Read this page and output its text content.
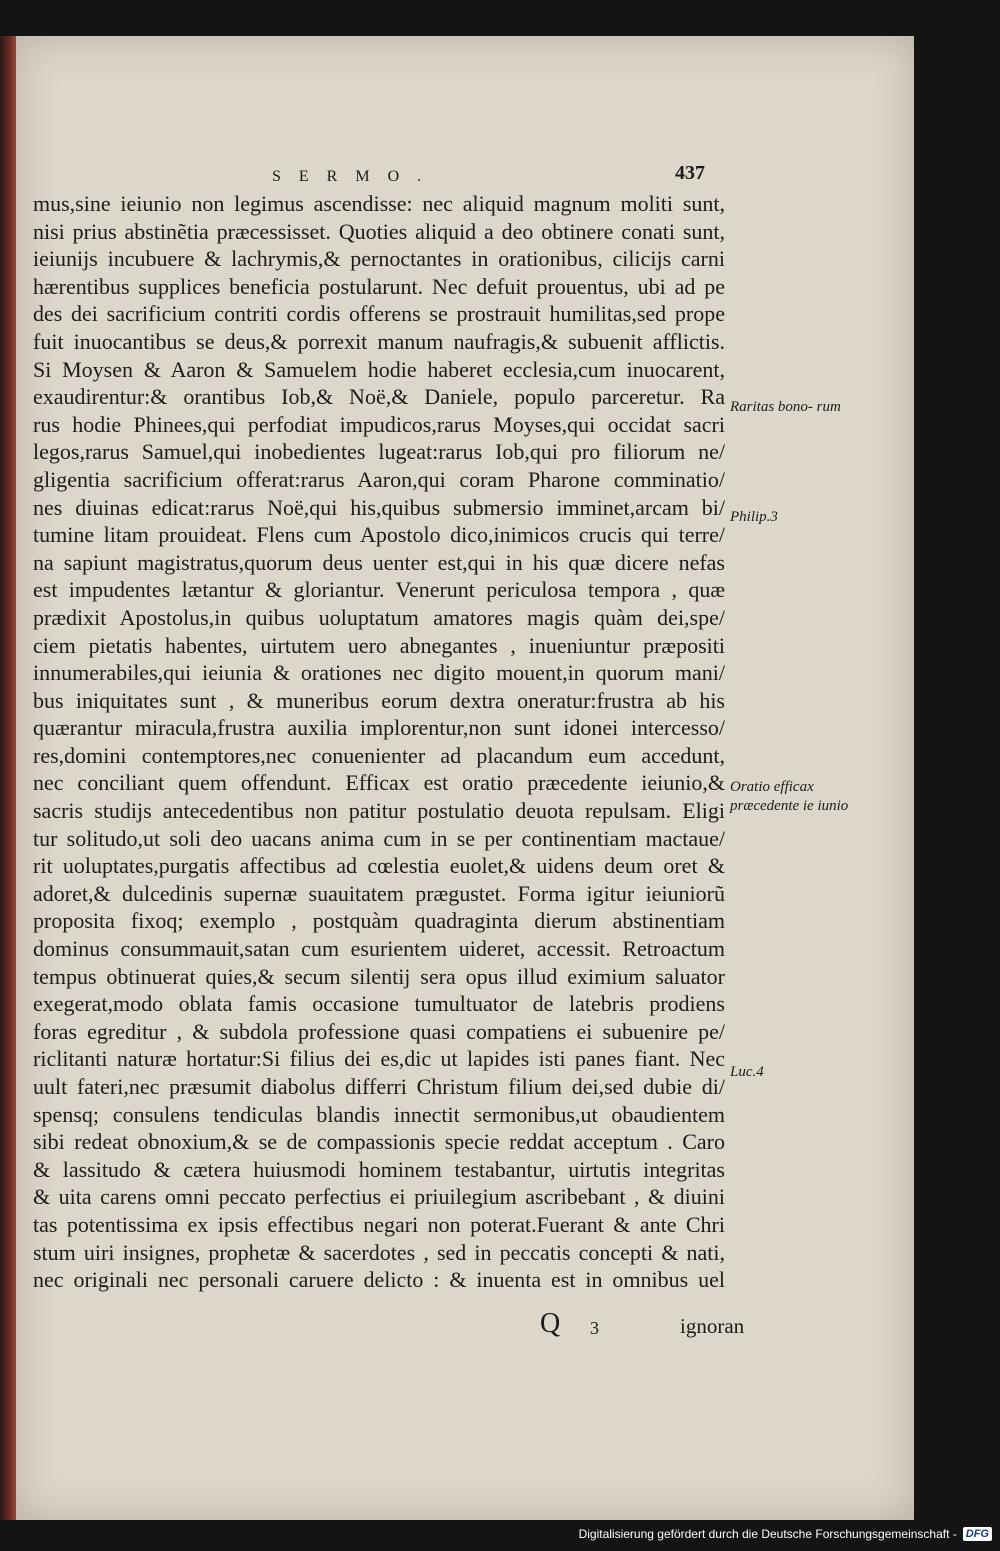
SERMO.	437
mus,sine ieiunio non legimus ascendisse: nec aliquid magnum moliti sunt,
nisi prius abstinẽtia præcessisset. Quoties aliquid a deo obtinere conati sunt,
ieiunijs incubuere & lachrymis,& pernoctantes in orationibus, cilicijs carni
hærentibus supplices beneficia postularunt. Nec defuit prouentus, ubi ad pe
des dei sacrificium contriti cordis offerens se prostrauit humilitas,sed prope
fuit inuocantibus se deus,& porrexit manum naufragis,& subuenit afflictis.
Si Moysen & Aaron & Samuelem hodie haberet ecclesia,cum inuocarent,
exaudirentur:& orantibus Iob,& Noë,& Daniele, populo parceretur. Ra
rus hodie Phinees,qui perfodiat impudicos,rarus Moyses,qui occidat sacri
legos,rarus Samuel,qui inobedientes lugeat:rarus Iob,qui pro filiorum ne/
gligentia sacrificium offerat:rarus Aaron,qui coram Pharone comminatio/
nes diuinas edicat:rarus Noë,qui his,quibus submersio imminet,arcam bi/
tumine litam prouideat. Flens cum Apostolo dico,inimicos crucis qui terre/
na sapiunt magistratus,quorum deus uenter est,qui in his quæ dicere nefas
est impudentes lætantur & gloriantur. Venerunt periculosa tempora , quæ
prædixit Apostolus,in quibus uoluptatum amatores magis quàm dei,spe/
ciem pietatis habentes, uirtutem uero abnegantes , inueniuntur præpositi
innumerabiles,qui ieiunia & orationes nec digito mouent,in quorum mani/
bus iniquitates sunt , & muneribus eorum dextra oneratur:frustra ab his
quærantur miracula,frustra auxilia implorentur,non sunt idonei intercesso/
res,domini contemptores,nec conuenienter ad placandum eum accedunt,
nec conciliant quem offendunt. Efficax est oratio præcedente ieiunio,&
sacris studijs antecedentibus non patitur postulatio deuota repulsam. Eligi
tur solitudo,ut soli deo uacans anima cum in se per continentiam mactaue/
rit uoluptates,purgatis affectibus ad cœlestia euolet,& uidens deum oret &
adoret,& dulcedinis supernæ suauitatem prægustet. Forma igitur ieiuniorũ
proposita fixoq; exemplo , postquàm quadraginta dierum abstinentiam
dominus consummauit,satan cum esurientem uideret, accessit. Retroactum
tempus obtinuerat quies,& secum silentij sera opus illud eximium saluator
exegerat,modo oblata famis occasione tumultuator de latebris prodiens
foras egreditur , & subdola professione quasi compatiens ei subuenire pe/
riclitanti naturæ hortatur:Si filius dei es,dic ut lapides isti panes fiant. Nec
uult fateri,nec præsumit diabolus differri Christum filium dei,sed dubie di/
spensq; consulens tendiculas blandis innectit sermonibus,ut obaudientem
sibi redeat obnoxium,& se de compassionis specie reddat acceptum . Caro
& lassitudo & cætera huiusmodi hominem testabantur, uirtutis integritas
& uita carens omni peccato perfectius ei priuilegium ascribebant , & diuini
tas potentissima ex ipsis effectibus negari non poterat.Fuerant & ante Chri
stum uiri insignes, prophetæ & sacerdotes , sed in peccatis concepti & nati,
nec originali nec personali caruere delicto : & inuenta est in omnibus uel
Raritas bono- rum
Philip.3
Oratio efficax præcedente ie iunio
Luc.4
Q 3	ignoran
Digitalisierung gefördert durch die Deutsche Forschungsgemeinschaft - DFG
